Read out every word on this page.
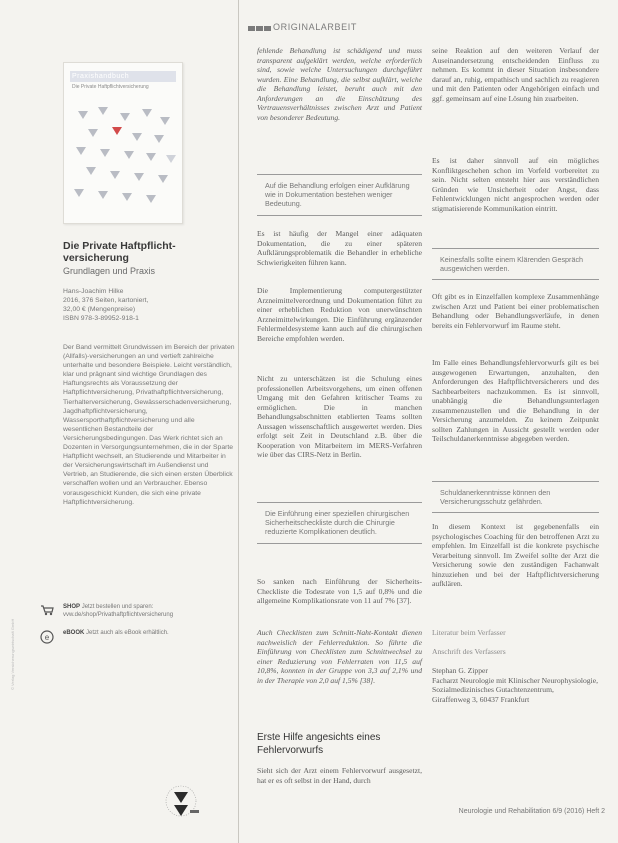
Praxishandbuch
Die Private Haftpflichtversicherung
Die Private Haftpflicht-
versicherung
Grundlagen und Praxis
Hans-Joachim Hilke
2016, 376 Seiten, kartoniert,
32,00 € (Mengenpreise)
ISBN 978-3-89952-918-1
Der Band vermittelt Grundwissen im Bereich der privaten (Allfalls)-versicherungen an und vertieft zahlreiche unterhalte und besondere Beispiele. Leicht verständlich, klar und prägnant sind wichtige Grundlagen des Haftungsrechts als Voraussetzung der Haftpflichtversicherung, Privathaftpflichtversicherung, Tierhalterversicherung, Gewässerschadenversicherung, Jagdhaftpflichtversicherung, Wassersporthaftpflichtversicherung und alle wesentlichen Bestandteile der Versicherungsbedingungen. Das Werk richtet sich an Dozenten in Versorgungsunternehmen, die in der Sparte Haftpflicht wechselt, an Studierende und Mitarbeiter in der Versicherungswirtschaft im Außendienst und Vertrieb, an Studierende, die sich einen ersten Überblick verschaffen wollen und an Verbraucher. Ebenso vorausgeschickt Kunden, die sich eine private Haftpflichtversicherung.
SHOP Jetzt bestellen und sparen: vvw.de/shop/Privathaftpflichtversicherung
e eBOOK Jetzt auch als eBook erhältlich.
© Verlag Versicherungswirtschaft GmbH
ORIGINALARBEIT
fehlende Behandlung ist schädigend und muss transparent aufgeklärt werden, welche erforderlich sind, sowie welche Untersuchungen durchgeführt wurden. Eine Behandlung, die selbst aufklärt, welche die Behandlung leistet, beruht auch mit den Anforderungen an die Einschätzung des Vertrauensverhältnisses zwischen Arzt und Patient von besonderer Bedeutung.
Auf die Behandlung erfolgen einer Aufklärung wie in Dokumentation bestehen weniger Bedeutung.
Es ist häufig der Mangel einer adäquaten Dokumentation, die zu einer späteren Aufklärungsproblematik die Behandler in erhebliche Schwierigkeiten führen kann.
Die Implementierung computergestützter Arzneimittelverordnung und Dokumentation führt zu einer erheblichen Reduktion von unerwünschten Arzneimittelwirkungen. Die Einführung ergänzender Fehlermeldesysteme kann auch auf die chirurgischen Bereiche empfohlen werden.
Nicht zu unterschätzen ist die Schulung eines professionellen Arbeitsvorgehens, um einen offenen Umgang mit den Gefahren kritischer Teams zu ermöglichen. Die in manchen Behandlungsabschnitten etablierten Teams sollten Aussagen wissenschaftlich ausgewertet werden. Dies erfolgt seit Zeit in Deutschland z.B. über die Kooperation von Mitarbeitern im MERS-Verfahren wie über das CIRS-Netz in Berlin.
Die Einführung einer speziellen chirurgischen Sicherheitscheckliste durch die Chirurgie reduzierte Komplikationen deutlich.
So sanken nach Einführung der Sicherheits-Checkliste die Todesrate von 1,5 auf 0,8% und die allgemeine Komplikationsrate von 11 auf 7% [37].
Auch Checklisten zum Schnitt-Naht-Kontakt dienen nachweislich der Fehlerreduktion. So führte die Einführung von Checklisten zum Schnittwechsel zu einer Reduzierung von Fehlerraten von 11,5 auf 10,8%, konnten in der Gruppe von 3,3 auf 2,1% und in der Therapie von 2,0 auf 1,5% [38].
Erste Hilfe angesichts eines Fehlervorwurfs
Sieht sich der Arzt einem Fehlervorwurf ausgesetzt, hat er es oft selbst in der Hand, durch
seine Reaktion auf den weiteren Verlauf der Auseinandersetzung entscheidenden Einfluss zu nehmen. Es kommt in dieser Situation insbesondere darauf an, ruhig, empathisch und sachlich zu reagieren und mit den Patienten oder Angehörigen einfach und ggf. gemeinsam auf eine Lösung hin zuarbeiten.
Es ist daher sinnvoll auf ein mögliches Konfliktgeschehen schon im Vorfeld vorbereitet zu sein. Nicht selten entsteht hier aus verständlichen Gründen wie Unsicherheit oder Angst, dass Fehlentwicklungen nicht angesprochen werden oder stigmatisierende Kommunikation eintritt.
Keinesfalls sollte einem Klärenden Gespräch ausgewichen werden.
Oft gibt es in Einzelfallen komplexe Zusammenhänge zwischen Arzt und Patient bei einer problematischen Behandlung oder Behandlungsverläufe, in denen bereits ein Fehlervorwurf im Raume steht.
Im Falle eines Behandlungsfehlervorwurfs gilt es bei ausgewogenen Erwartungen, anzuhalten, den Anforderungen des Haftpflichtversicherers und des Sachbearbeiters nachzukommen. Es ist sinnvoll, unabhängig die Behandlungsunterlagen zusammenzustellen und die Behandlung in der Versicherung anzumelden. Zu keinem Zeitpunkt sollten Zahlungen in Aussicht gestellt werden oder Teilschuldanerkenntnisse abgegeben werden.
Schuldanerkenntnisse können den Versicherungsschutz gefährden.
In diesem Kontext ist gegebenenfalls ein psychologisches Coaching für den betroffenen Arzt zu empfehlen. Im Einzelfall ist die konkrete psychische Verarbeitung sinnvoll. Im Zweifel sollte der Arzt die Versicherung sowie den zuständigen Fachanwalt hinzuziehen und bei der Haftpflichtversicherung aufklären.
Literatur beim Verfasser
Anschrift des Verfassers
Stephan G. Zipper
Facharzt Neurologie mit Klinischer Neurophysiologie,
Sozialmedizinisches Gutachtenzentrum,
Giraffenweg 3, 60437 Frankfurt
Neurologie und Rehabilitation 6/9 (2016) Heft 2
